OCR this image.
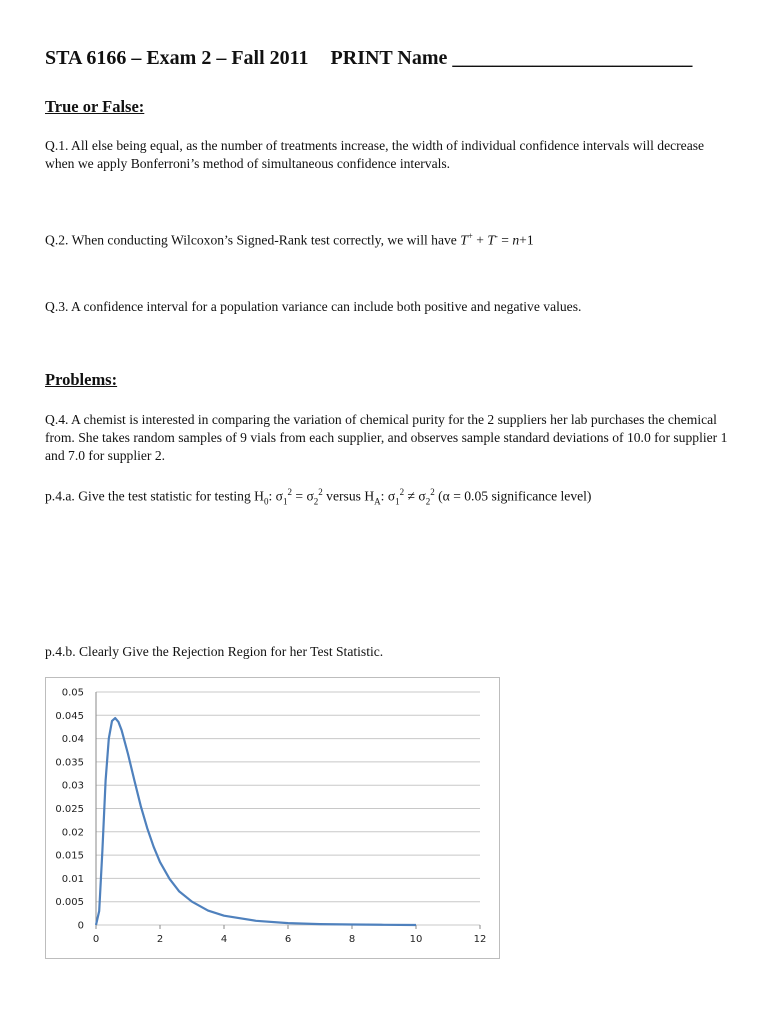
STA 6166 – Exam 2 – Fall 2011 PRINT Name ________________________
True or False:
Q.1. All else being equal, as the number of treatments increase, the width of individual confidence intervals will decrease when we apply Bonferroni’s method of simultaneous confidence intervals.
Q.2. When conducting Wilcoxon’s Signed-Rank test correctly, we will have T+ + T- = n+1
Q.3. A confidence interval for a population variance can include both positive and negative values.
Problems:
Q.4. A chemist is interested in comparing the variation of chemical purity for the 2 suppliers her lab purchases the chemical from. She takes random samples of 9 vials from each supplier, and observes sample standard deviations of 10.0 for supplier 1 and 7.0 for supplier 2.
p.4.a. Give the test statistic for testing $H_0$: $\sigma_1^2 = \sigma_2^2$ versus $H_A$: $\sigma_1^2 \ne \sigma_2^2$ (α = 0.05 significance level)
p.4.b. Clearly Give the Rejection Region for her Test Statistic.
0
0.005
0.01
0.015
0.02
0.025
0.03
0.035
0.04
0.045
0.05
0	2	4	6	8	10	12
